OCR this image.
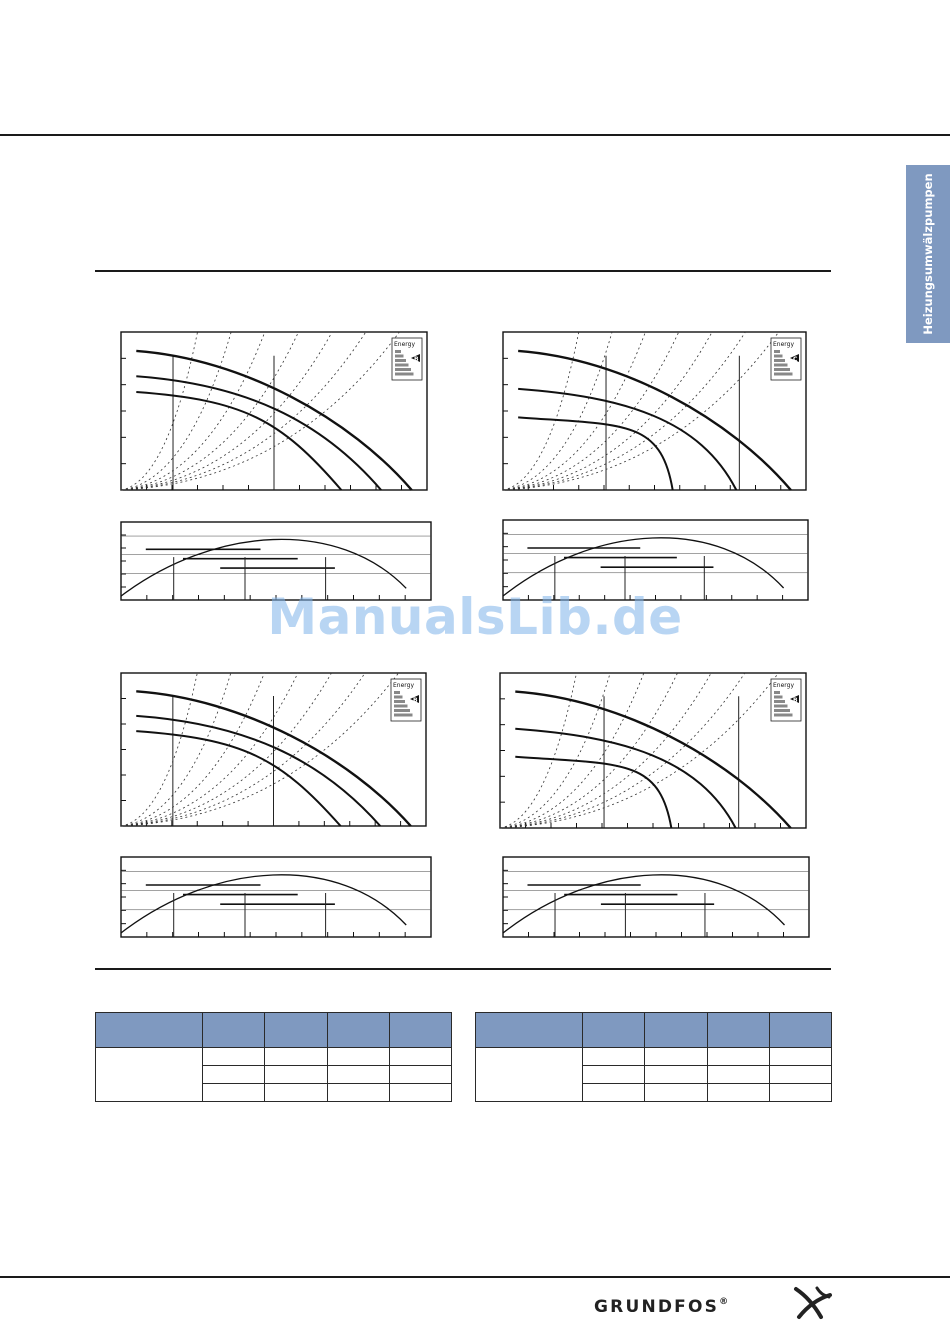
Heizungsumwälzpumpen
Energy
B
Energy
C
Energy
B
Energy
B
ManualsLib.de

GRUNDFOS®
